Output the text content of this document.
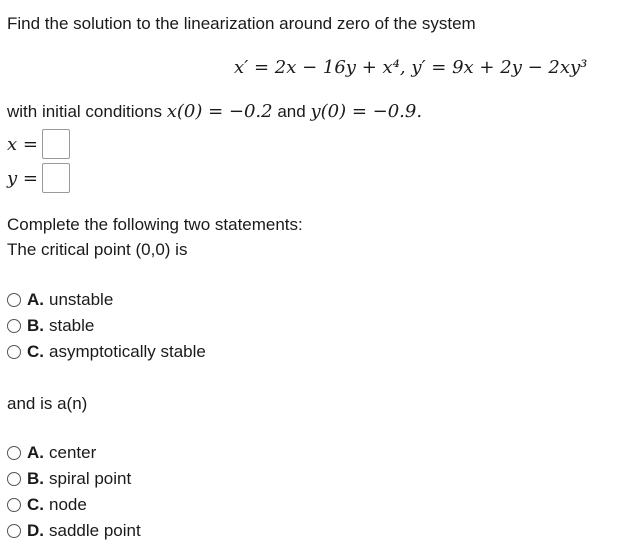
Find the solution to the linearization around zero of the system
x′ = 2x − 16y + x⁴, y′ = 9x + 2y − 2xy³
with initial conditions x(0) = −0.2 and y(0) = −0.9.
x =
y =
Complete the following two statements:
The critical point (0,0) is
A. unstable
B. stable
C. asymptotically stable
and is a(n)
A. center
B. spiral point
C. node
D. saddle point
